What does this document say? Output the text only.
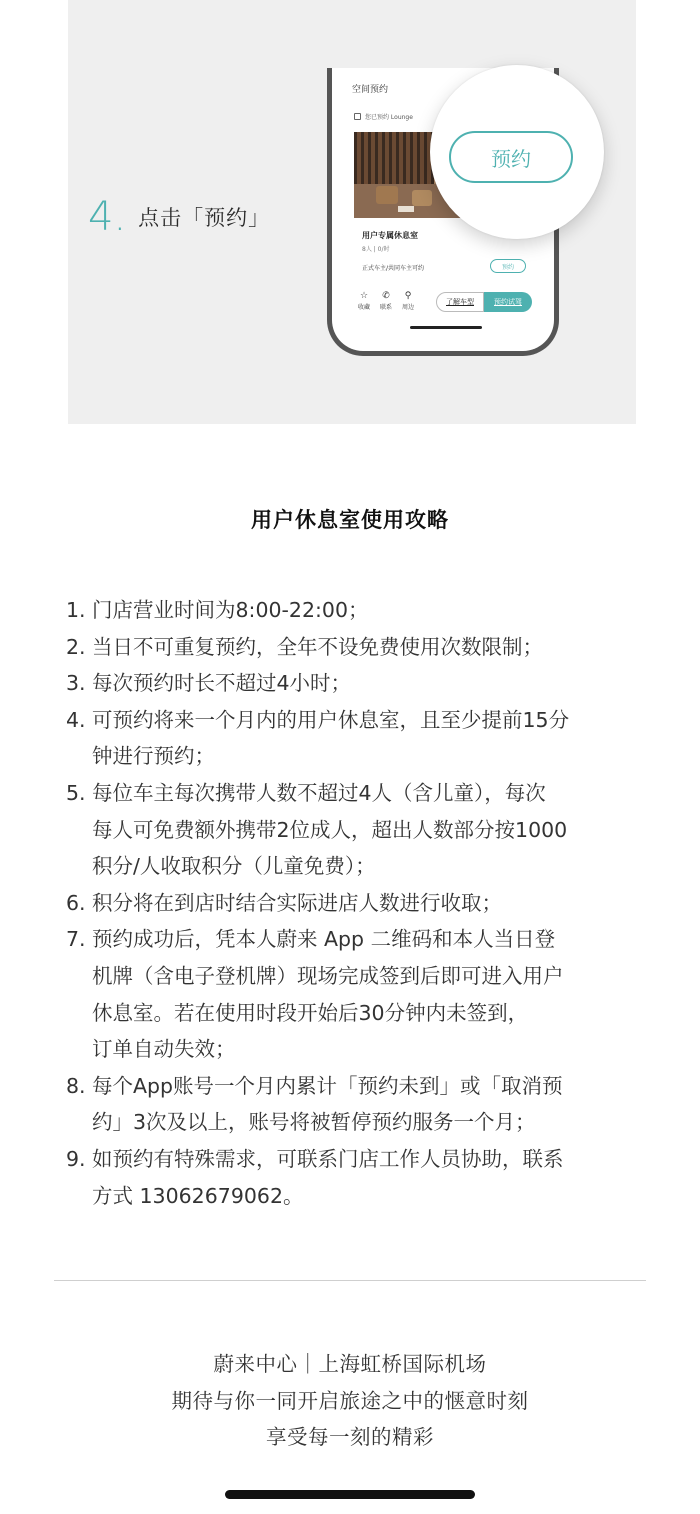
4. 点击「预约」
空间预约
您已预约 Lounge
用户专属休息室
8人 | 0/时
正式车主/共同车主可约	预约
☆
收藏
✆
联系
⚲
周边
了解车型	预约试驾
预约
用户休息室使用攻略
1. 门店营业时间为8:00-22:00；
2. 当日不可重复预约，全年不设免费使用次数限制；
3. 每次预约时长不超过4小时；
4. 可预约将来一个月内的用户休息室，且至少提前15分
钟进行预约；
5. 每位车主每次携带人数不超过4人（含儿童），每次
每人可免费额外携带2位成人，超出人数部分按1000
积分/人收取积分（儿童免费）；
6. 积分将在到店时结合实际进店人数进行收取；
7. 预约成功后，凭本人蔚来 App 二维码和本人当日登
机牌（含电子登机牌）现场完成签到后即可进入用户
休息室。若在使用时段开始后30分钟内未签到，
订单自动失效；
8. 每个App账号一个月内累计「预约未到」或「取消预
约」3次及以上，账号将被暂停预约服务一个月；
9. 如预约有特殊需求，可联系门店工作人员协助，联系
方式 13062679062。
蔚来中心｜上海虹桥国际机场
期待与你一同开启旅途之中的惬意时刻
享受每一刻的精彩
